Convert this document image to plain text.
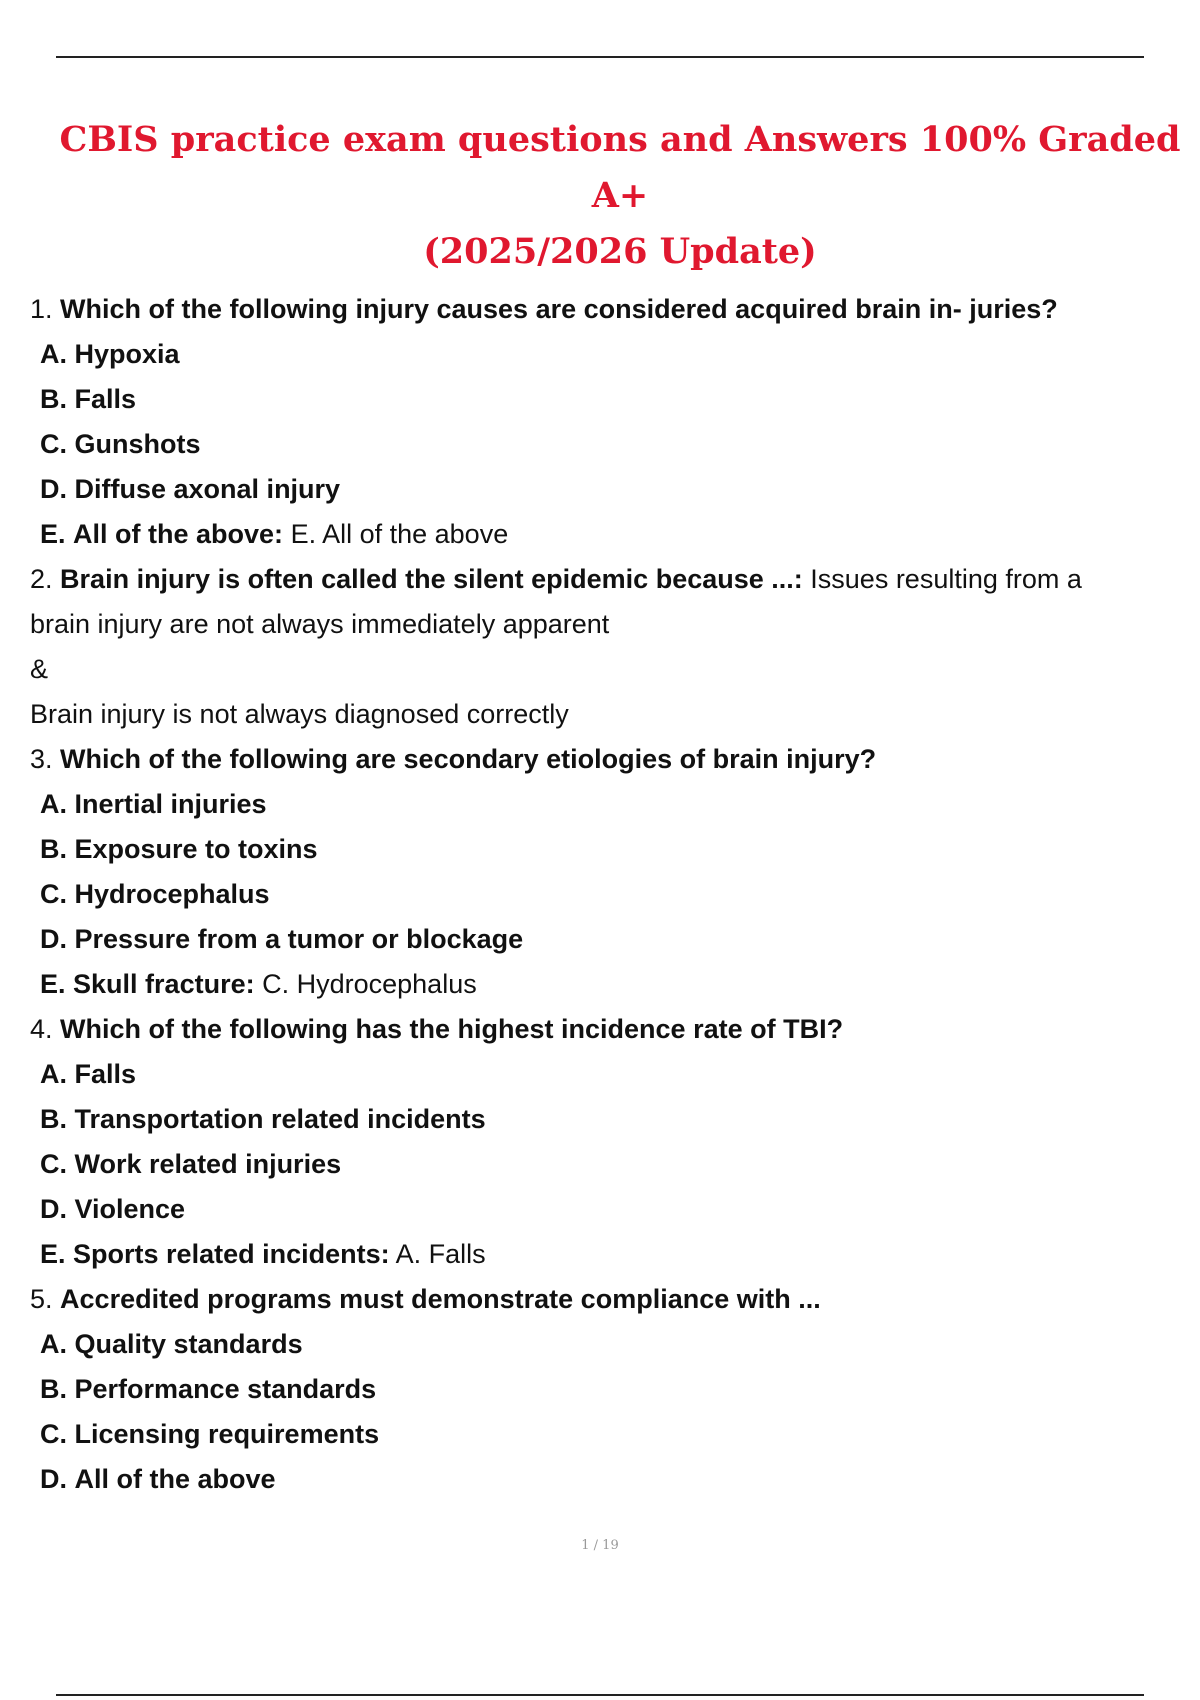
CBIS practice exam questions and Answers 100% Graded A+
(2025/2026 Update)

1. Which of the following injury causes are considered acquired brain in- juries?

A. Hypoxia

B. Falls

C. Gunshots

D. Diffuse axonal injury

E. All of the above: E. All of the above

2. Brain injury is often called the silent epidemic because ...: Issues resulting from a

brain injury are not always immediately apparent

&

Brain injury is not always diagnosed correctly

3. Which of the following are secondary etiologies of brain injury?

A. Inertial injuries

B. Exposure to toxins

C. Hydrocephalus

D. Pressure from a tumor or blockage

E. Skull fracture: C. Hydrocephalus

4. Which of the following has the highest incidence rate of TBI?

A. Falls

B. Transportation related incidents

C. Work related injuries

D. Violence

E. Sports related incidents: A. Falls

5. Accredited programs must demonstrate compliance with ...

A. Quality standards

B. Performance standards

C. Licensing requirements

D. All of the above

1 / 19
